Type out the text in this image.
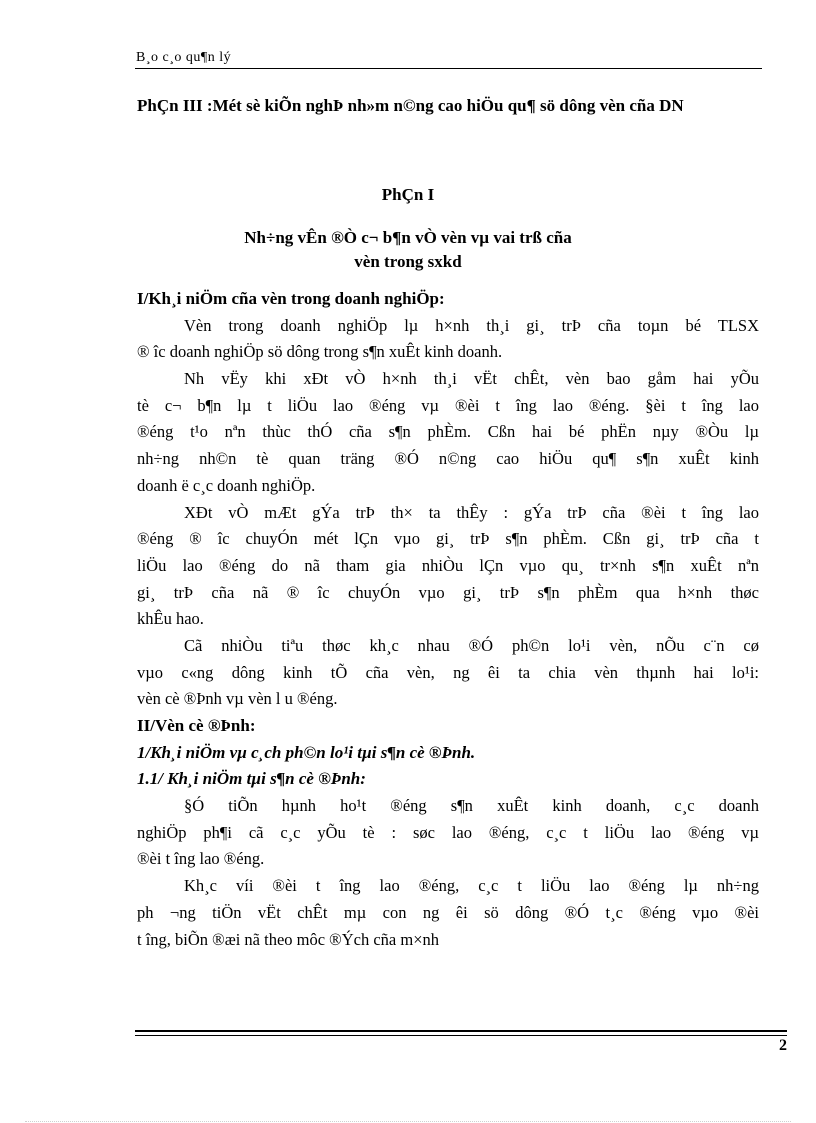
B¸o c¸o qu¶n lý
PhÇn III :Mét sè kiÕn nghÞ nh»m n©ng cao hiÖu qu¶ sö dông vèn cña DN
PhÇn I
Nh÷ng vÊn ®Ò c¬ b¶n vÒ vèn vµ vai trß cña
vèn trong sxkd
I/Kh¸i niÖm cña vèn trong doanh nghiÖp:
Vèn trong doanh nghiÖp lµ h×nh th¸i gi¸ trÞ cña toµn bé TLSX
® îc doanh nghiÖp sö dông trong s¶n xuÊt kinh doanh.
Nh vËy khi xÐt vÒ h×nh th¸i vËt chÊt, vèn bao gåm hai yÕu
tè c¬ b¶n lµ t liÖu lao ®éng vµ ®èi t îng lao ®éng. §èi t îng lao
®éng t¹o nªn thùc thÓ cña s¶n phÈm. Cßn hai bé phËn nµy ®Òu lµ
nh÷ng nh©n tè quan träng ®Ó n©ng cao hiÖu qu¶ s¶n xuÊt kinh
doanh ë c¸c doanh nghiÖp.
XÐt vÒ mÆt gÝa trÞ th× ta thÊy : gÝa trÞ cña ®èi t îng lao
®éng ® îc chuyÓn mét lÇn vµo gi¸ trÞ s¶n phÈm. Cßn gi¸ trÞ cña t
liÖu lao ®éng do nã tham gia nhiÒu lÇn vµo qu¸ tr×nh s¶n xuÊt nªn
gi¸ trÞ cña nã ® îc chuyÓn vµo gi¸ trÞ s¶n phÈm qua h×nh thøc
khÊu hao.
Cã nhiÒu tiªu thøc kh¸c nhau ®Ó ph©n lo¹i vèn, nÕu c¨n cø
vµo c«ng dông kinh tÕ cña vèn, ng êi ta chia vèn thµnh hai lo¹i:
vèn cè ®Þnh vµ vèn l u ®éng.
II/Vèn cè ®Þnh:
1/Kh¸i niÖm vµ c¸ch ph©n lo¹i tµi s¶n cè ®Þnh.
1.1/ Kh¸i niÖm tµi s¶n cè ®Þnh:
§Ó tiÕn hµnh ho¹t ®éng s¶n xuÊt kinh doanh, c¸c doanh
nghiÖp ph¶i cã c¸c yÕu tè : søc lao ®éng, c¸c t liÖu lao ®éng vµ
®èi t îng lao ®éng.
Kh¸c víi ®èi t îng lao ®éng, c¸c t liÖu lao ®éng lµ nh÷ng
ph ¬ng tiÖn vËt chÊt mµ con ng êi sö dông ®Ó t¸c ®éng vµo ®èi
t îng, biÕn ®æi nã theo môc ®Ých cña m×nh
2
